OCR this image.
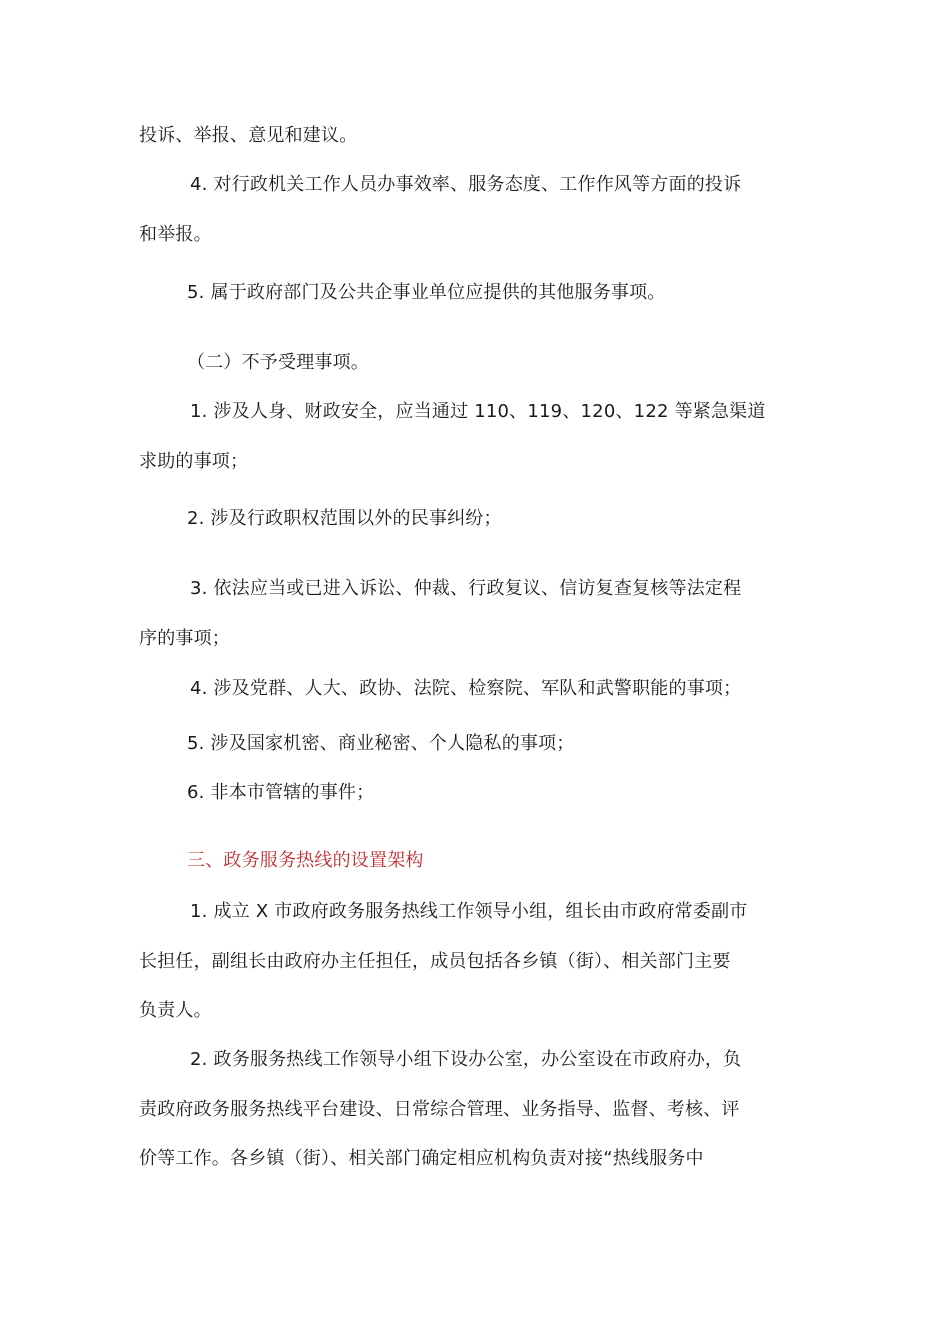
投诉、举报、意见和建议。
4. 对行政机关工作人员办事效率、服务态度、工作作风等方面的投诉
和举报。
5. 属于政府部门及公共企事业单位应提供的其他服务事项。
（二）不予受理事项。
1. 涉及人身、财政安全，应当通过 110、119、120、122 等紧急渠道
求助的事项；
2. 涉及行政职权范围以外的民事纠纷；
3. 依法应当或已进入诉讼、仲裁、行政复议、信访复查复核等法定程
序的事项；
4. 涉及党群、人大、政协、法院、检察院、军队和武警职能的事项；
5. 涉及国家机密、商业秘密、个人隐私的事项；
6. 非本市管辖的事件；
三、政务服务热线的设置架构
1. 成立 X 市政府政务服务热线工作领导小组，组长由市政府常委副市
长担任，副组长由政府办主任担任，成员包括各乡镇（街）、相关部门主要
负责人。
2. 政务服务热线工作领导小组下设办公室，办公室设在市政府办，负
责政府政务服务热线平台建设、日常综合管理、业务指导、监督、考核、评
价等工作。各乡镇（街）、相关部门确定相应机构负责对接“热线服务中
